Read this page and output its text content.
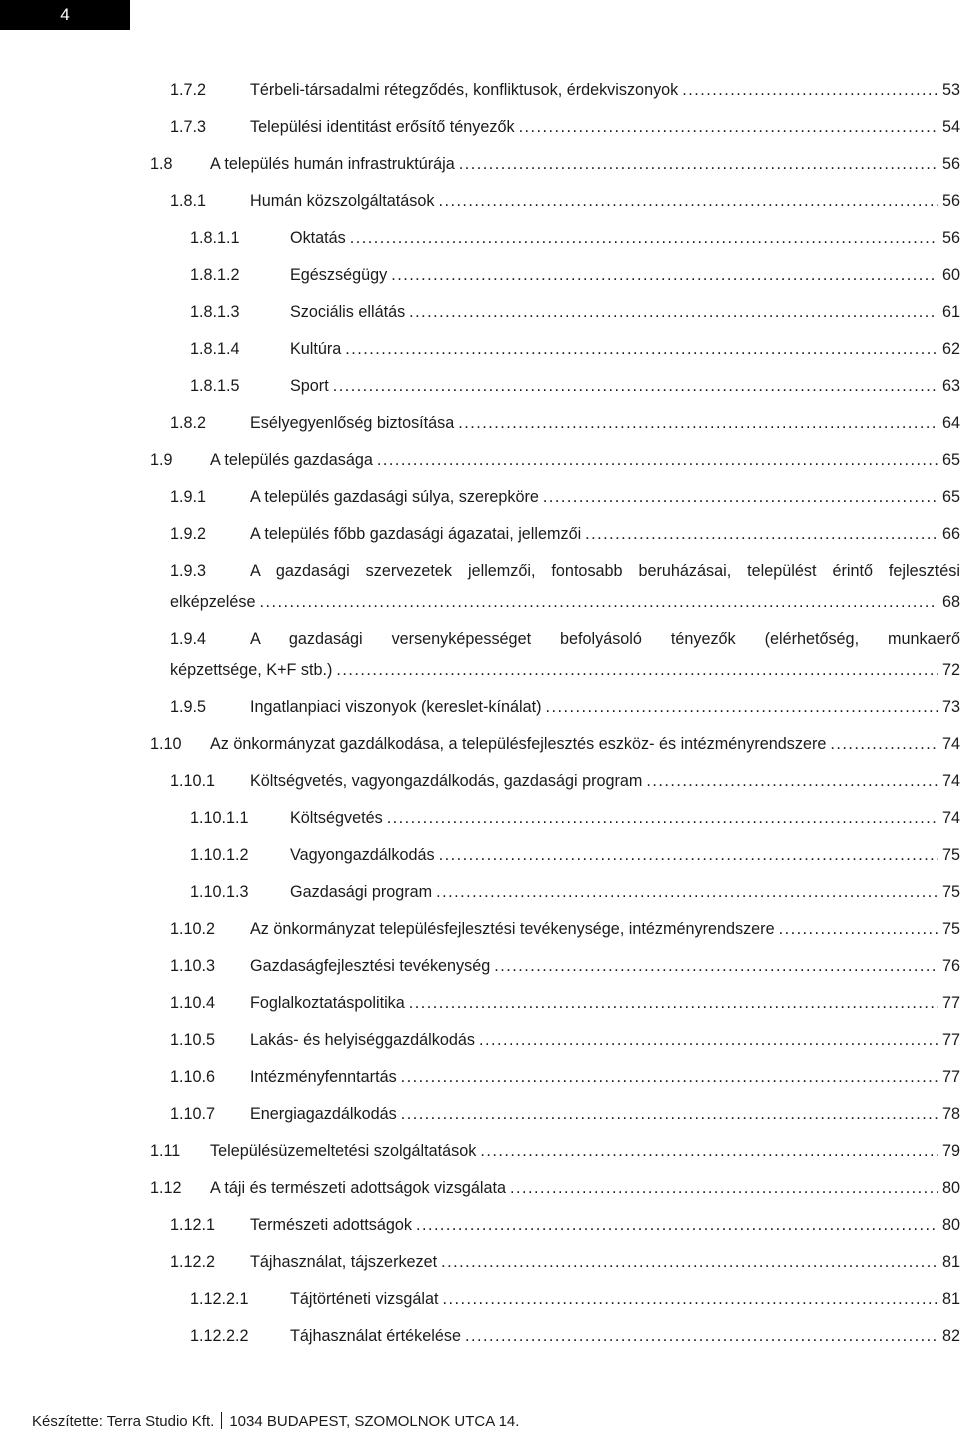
4
1.7.2	Térbeli-társadalmi rétegződés, konfliktusok, érdekviszonyok . . .	53
1.7.3	Települési identitást erősítő tényezők . . .	54
1.8 A település humán infrastruktúrája . . .	56
1.8.1	Humán közszolgáltatások . . .	56
1.8.1.1	Oktatás . . .	56
1.8.1.2	Egészségügy . . .	60
1.8.1.3	Szociális ellátás . . .	61
1.8.1.4	Kultúra . . .	62
1.8.1.5	Sport . . .	63
1.8.2	Esélyegyenlőség biztosítása . . .	64
1.9 A település gazdasága . . .	65
1.9.1	A település gazdasági súlya, szerepköre . . .	65
1.9.2	A település főbb gazdasági ágazatai, jellemzői . . .	66
1.9.3	A gazdasági szervezetek jellemzői, fontosabb beruházásai, települést érintő fejlesztési
elképzelése . . .	68
1.9.4	A gazdasági versenyképességet befolyásoló tényezők (elérhetőség, munkaerő
képzettsége, K+F stb.) . . .	72
1.9.5	Ingatlanpiaci viszonyok (kereslet-kínálat) . . .	73
1.10 Az önkormányzat gazdálkodása, a településfejlesztés eszköz- és intézményrendszere . . .	74
1.10.1 Költségvetés, vagyongazdálkodás, gazdasági program . . .	74
1.10.1.1	Költségvetés . . .	74
1.10.1.2	Vagyongazdálkodás . . .	75
1.10.1.3	Gazdasági program . . .	75
1.10.2 Az önkormányzat településfejlesztési tevékenysége, intézményrendszere . . .	75
1.10.3 Gazdaságfejlesztési tevékenység . . .	76
1.10.4 Foglalkoztatáspolitika . . .	77
1.10.5 Lakás- és helyiséggazdálkodás . . .	77
1.10.6 Intézményfenntartás . . .	77
1.10.7 Energiagazdálkodás . . .	78
1.11 Településüzemeltetési szolgáltatások . . .	79
1.12 A táji és természeti adottságok vizsgálata . . .	80
1.12.1 Természeti adottságok . . .	80
1.12.2 Tájhasználat, tájszerkezet . . .	81
1.12.2.1	Tájtörténeti vizsgálat . . .	81
1.12.2.2	Tájhasználat értékelése . . .	82
Készítette: Terra Studio Kft. 1034 BUDAPEST, SZOMOLNOK UTCA 14.
